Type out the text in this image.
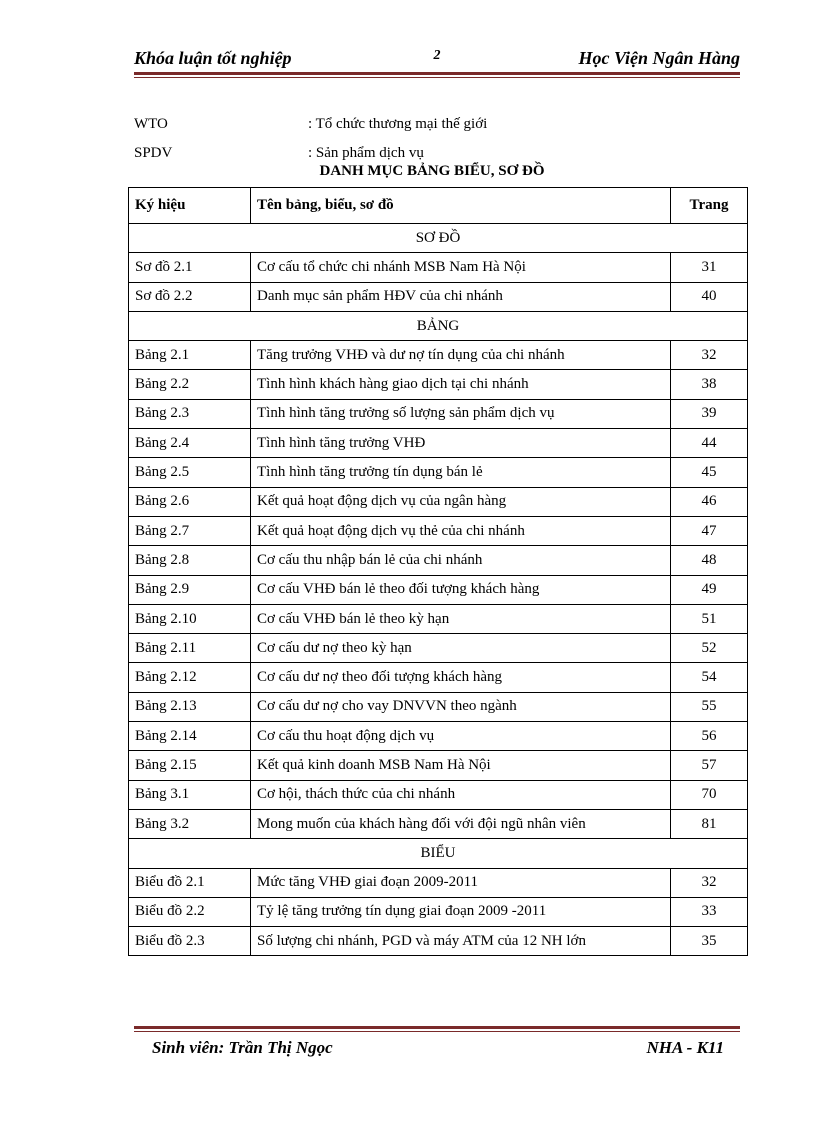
2
Khóa luận tốt nghiệp	Học Viện Ngân Hàng
WTO	: Tổ chức thương mại thế giới
SPDV	: Sản phẩm dịch vụ
DANH MỤC BẢNG BIỂU, SƠ ĐỒ
Ký hiệu	Tên bảng, biểu, sơ đồ	Trang
SƠ ĐỒ		
Sơ đồ 2.1	Cơ cấu tổ chức chi nhánh MSB Nam Hà Nội	31
Sơ đồ 2.2	Danh mục sản phẩm HĐV của chi nhánh	40
BẢNG		
Bảng 2.1	Tăng trưởng VHĐ và dư nợ tín dụng của chi nhánh	32
Bảng 2.2	Tình hình khách hàng giao dịch tại chi nhánh	38
Bảng 2.3	Tình hình tăng trưởng số lượng sản phẩm dịch vụ	39
Bảng 2.4	Tình hình tăng trưởng VHĐ	44
Bảng 2.5	Tình hình tăng trưởng tín dụng bán lẻ	45
Bảng 2.6	Kết quả hoạt động dịch vụ của ngân hàng	46
Bảng 2.7	Kết quả hoạt động dịch vụ thẻ của chi nhánh	47
Bảng 2.8	Cơ cấu thu nhập bán lẻ của chi nhánh	48
Bảng 2.9	Cơ cấu VHĐ bán lẻ theo đối tượng khách hàng	49
Bảng 2.10	Cơ cấu VHĐ bán lẻ theo kỳ hạn	51
Bảng 2.11	Cơ cấu dư nợ theo kỳ hạn	52
Bảng 2.12	Cơ cấu dư nợ theo đối tượng khách hàng	54
Bảng 2.13	Cơ cấu dư nợ cho vay DNVVN theo ngành	55
Bảng 2.14	Cơ cấu thu hoạt động dịch vụ	56
Bảng 2.15	Kết quả kinh doanh MSB Nam Hà Nội	57
Bảng 3.1	Cơ hội, thách thức của chi nhánh	70
Bảng 3.2	Mong muốn của khách hàng đối với đội ngũ nhân viên	81
BIỂU		
Biểu đồ 2.1	Mức tăng VHĐ giai đoạn 2009-2011	32
Biểu đồ 2.2	Tỷ lệ tăng trưởng tín dụng giai đoạn 2009 -2011	33
Biểu đồ 2.3	Số lượng chi nhánh, PGD và máy ATM của 12 NH lớn	35
Sinh viên: Trần Thị Ngọc	NHA - K11
